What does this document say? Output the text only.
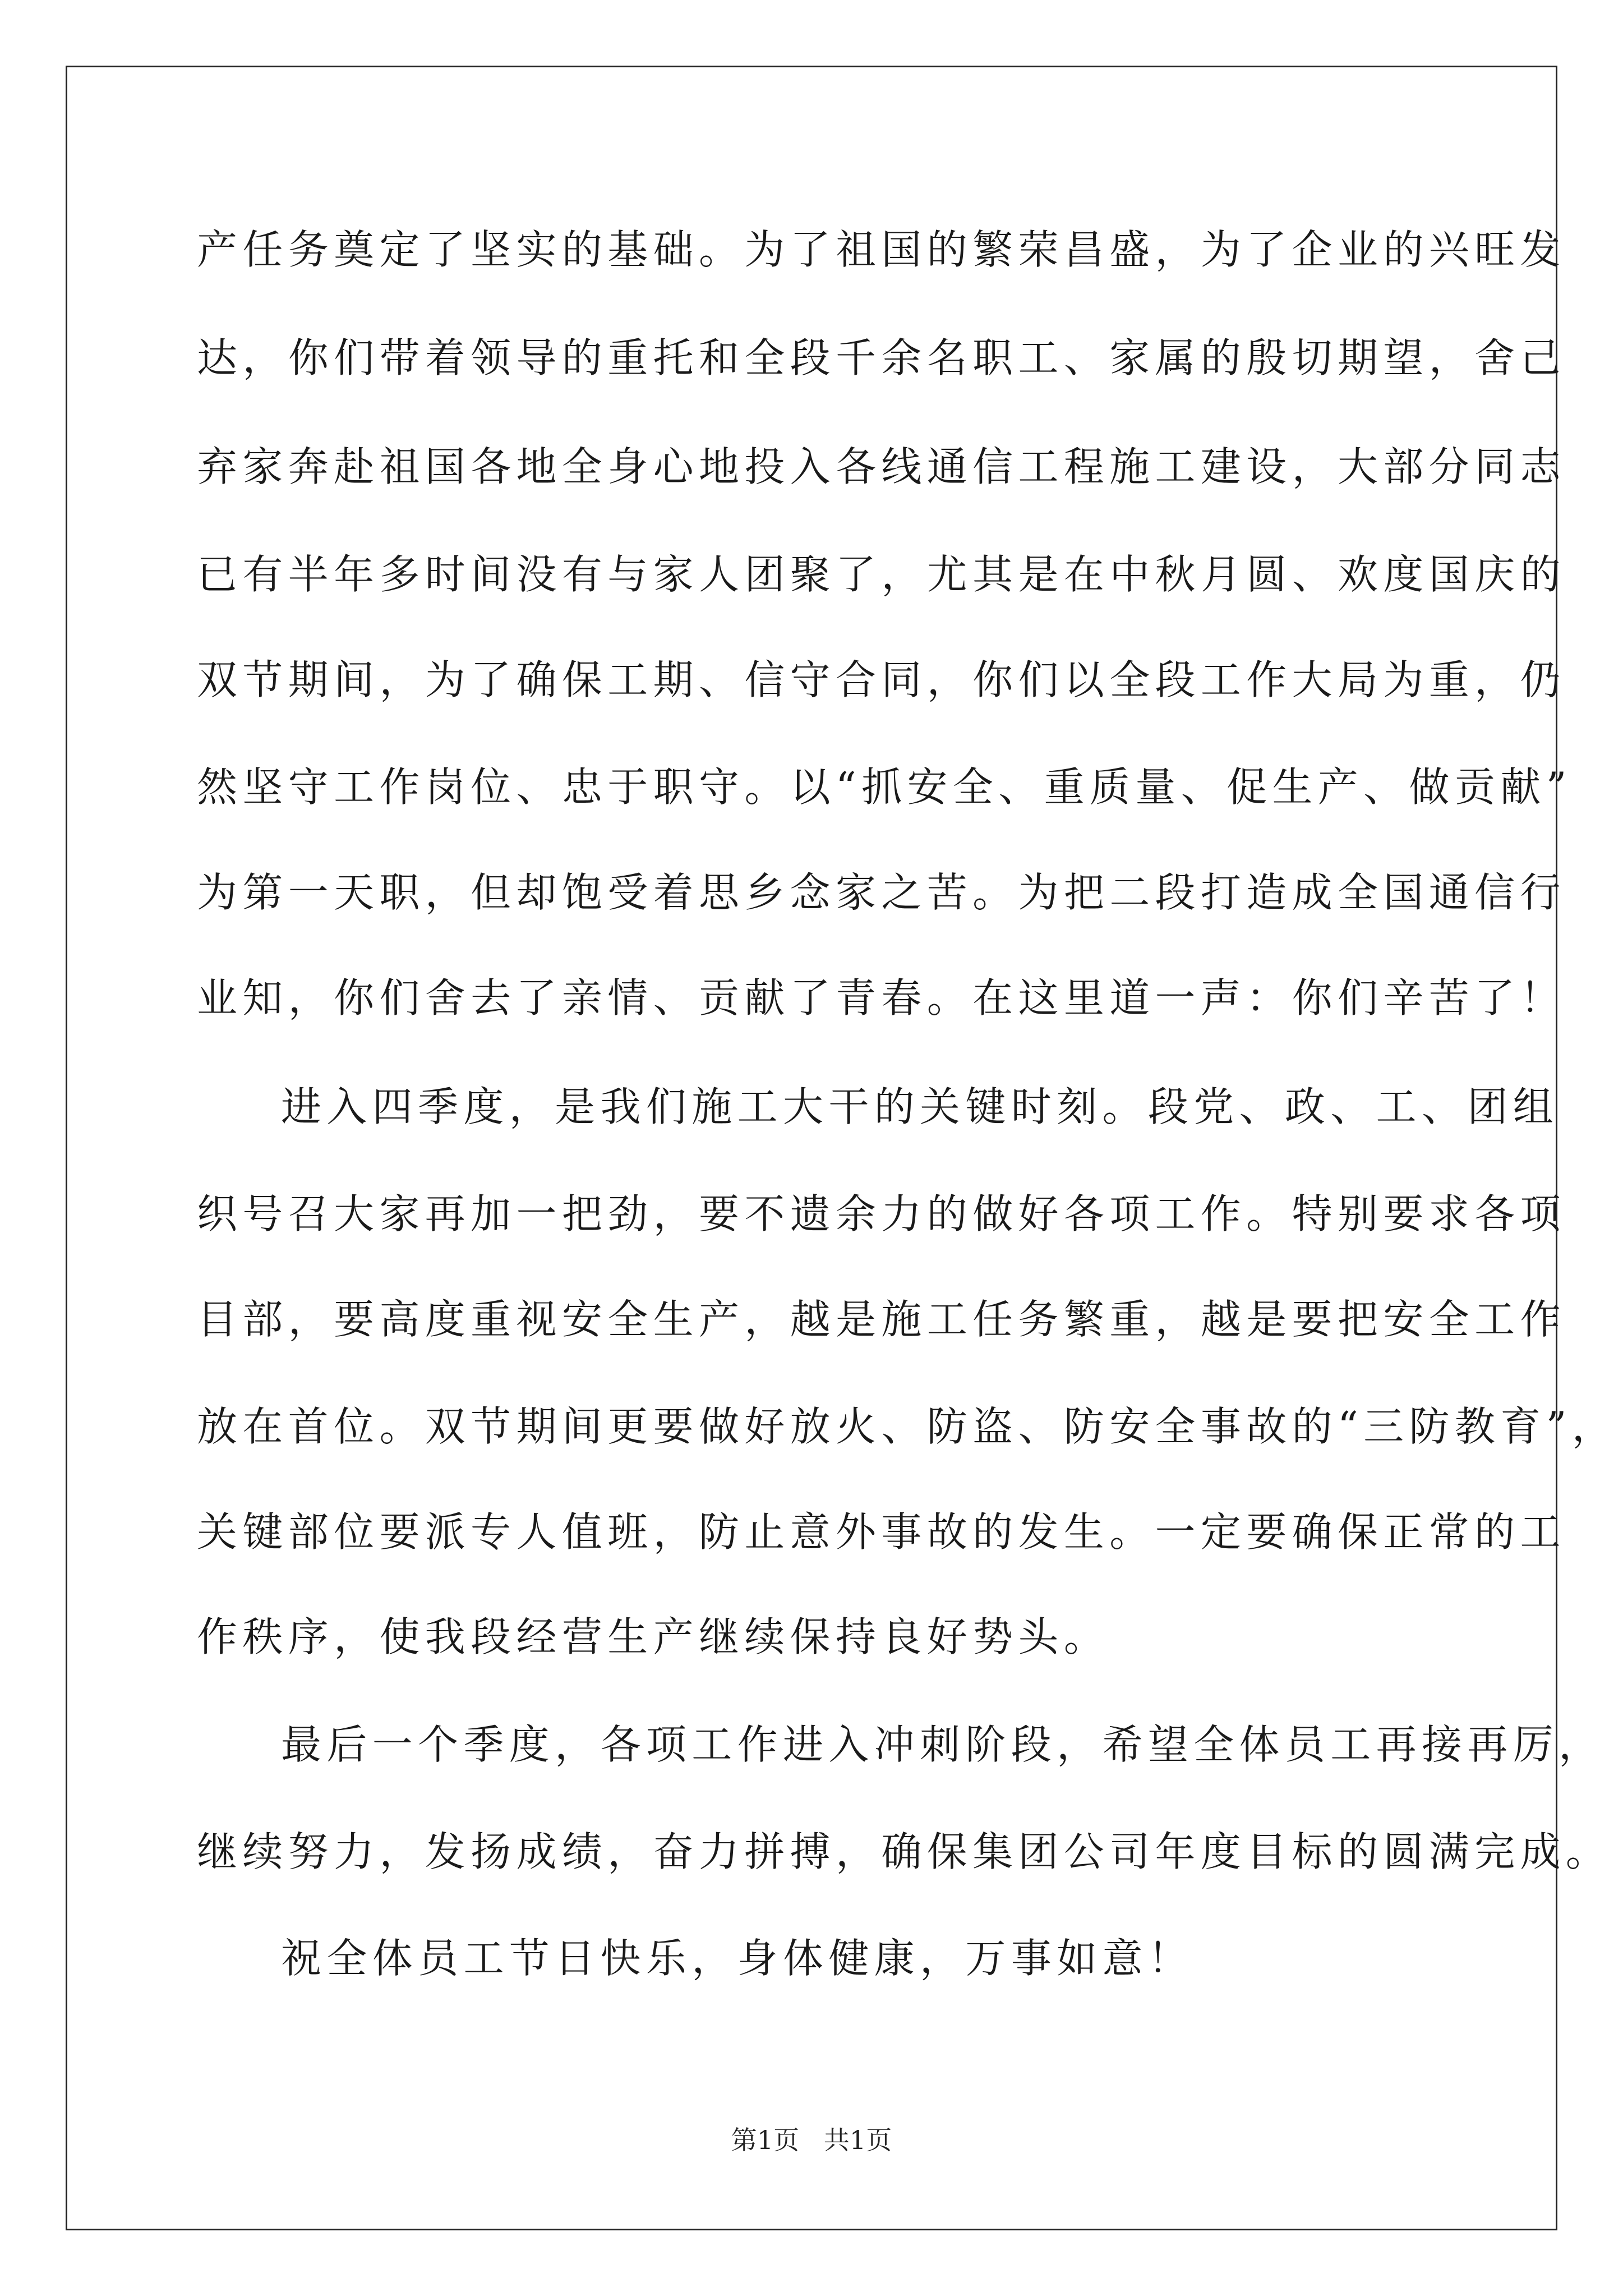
产任务奠定了坚实的基础。为了祖国的繁荣昌盛，为了企业的兴旺发
达，你们带着领导的重托和全段千余名职工、家属的殷切期望，舍己
弃家奔赴祖国各地全身心地投入各线通信工程施工建设，大部分同志
已有半年多时间没有与家人团聚了，尤其是在中秋月圆、欢度国庆的
双节期间，为了确保工期、信守合同，你们以全段工作大局为重，仍
然坚守工作岗位、忠于职守。以“抓安全、重质量、促生产、做贡献”
为第一天职，但却饱受着思乡念家之苦。为把二段打造成全国通信行
业知，你们舍去了亲情、贡献了青春。在这里道一声：你们辛苦了！
进入四季度，是我们施工大干的关键时刻。段党、政、工、团组
织号召大家再加一把劲，要不遗余力的做好各项工作。特别要求各项
目部，要高度重视安全生产，越是施工任务繁重，越是要把安全工作
放在首位。双节期间更要做好放火、防盗、防安全事故的“三防教育”，
关键部位要派专人值班，防止意外事故的发生。一定要确保正常的工
作秩序，使我段经营生产继续保持良好势头。
最后一个季度，各项工作进入冲刺阶段，希望全体员工再接再厉，
继续努力，发扬成绩，奋力拼搏，确保集团公司年度目标的圆满完成。
祝全体员工节日快乐，身体健康，万事如意！
第1页   共1页
